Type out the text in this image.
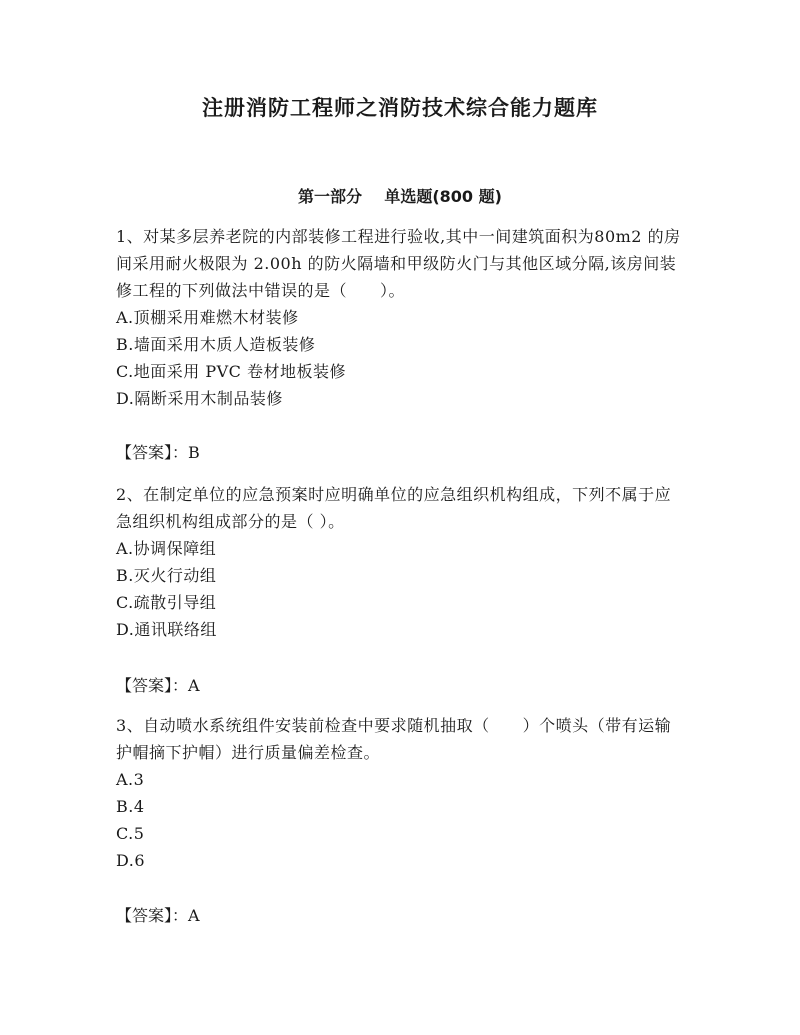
注册消防工程师之消防技术综合能力题库
第一部分    单选题(800 题)

1、对某多层养老院的内部装修工程进行验收,其中一间建筑面积为80m2 的房间采用耐火极限为 2.00h 的防火隔墙和甲级防火门与其他区域分隔,该房间装修工程的下列做法中错误的是（　　）。

A.顶棚采用难燃木材装修

B.墙面采用木质人造板装修

C.地面采用 PVC 卷材地板装修

D.隔断采用木制品装修

【答案】：B

2、在制定单位的应急预案时应明确单位的应急组织机构组成，下列不属于应急组织机构组成部分的是（ ）。

A.协调保障组

B.灭火行动组

C.疏散引导组

D.通讯联络组

【答案】：A

3、自动喷水系统组件安装前检查中要求随机抽取（　　）个喷头（带有运输护帽摘下护帽）进行质量偏差检查。

A.3

B.4

C.5

D.6

【答案】：A
